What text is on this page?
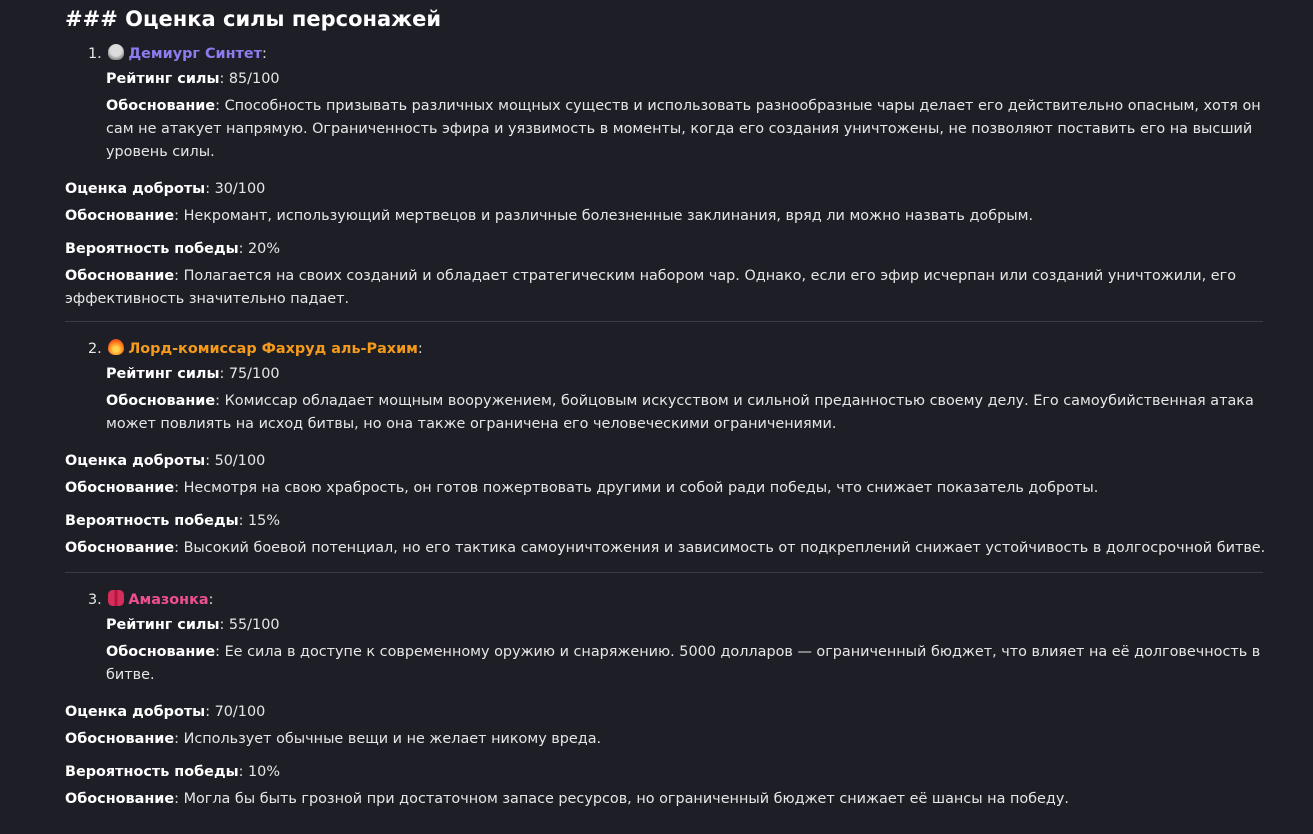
### Оценка силы персонажей
1. Демиург Синтет:

Рейтинг силы: 85/100

Обоснование: Способность призывать различных мощных существ и использовать разнообразные чары делает его действительно опасным, хотя он сам не атакует напрямую. Ограниченность эфира и уязвимость в моменты, когда его создания уничтожены, не позволяют поставить его на высший уровень силы.

Оценка доброты: 30/100

Обоснование: Некромант, использующий мертвецов и различные болезненные заклинания, вряд ли можно назвать добрым.

Вероятность победы: 20%

Обоснование: Полагается на своих созданий и обладает стратегическим набором чар. Однако, если его эфир исчерпан или созданий уничтожили, его эффективность значительно падает.

2. Лорд-комиссар Фахруд аль-Рахим:

Рейтинг силы: 75/100

Обоснование: Комиссар обладает мощным вооружением, бойцовым искусством и сильной преданностью своему делу. Его самоубийственная атака может повлиять на исход битвы, но она также ограничена его человеческими ограничениями.

Оценка доброты: 50/100

Обоснование: Несмотря на свою храбрость, он готов пожертвовать другими и собой ради победы, что снижает показатель доброты.

Вероятность победы: 15%

Обоснование: Высокий боевой потенциал, но его тактика самоуничтожения и зависимость от подкреплений снижает устойчивость в долгосрочной битве.

3. Амазонка:

Рейтинг силы: 55/100

Обоснование: Ее сила в доступе к современному оружию и снаряжению. 5000 долларов — ограниченный бюджет, что влияет на её долговечность в битве.

Оценка доброты: 70/100

Обоснование: Использует обычные вещи и не желает никому вреда.

Вероятность победы: 10%

Обоснование: Могла бы быть грозной при достаточном запасе ресурсов, но ограниченный бюджет снижает её шансы на победу.
